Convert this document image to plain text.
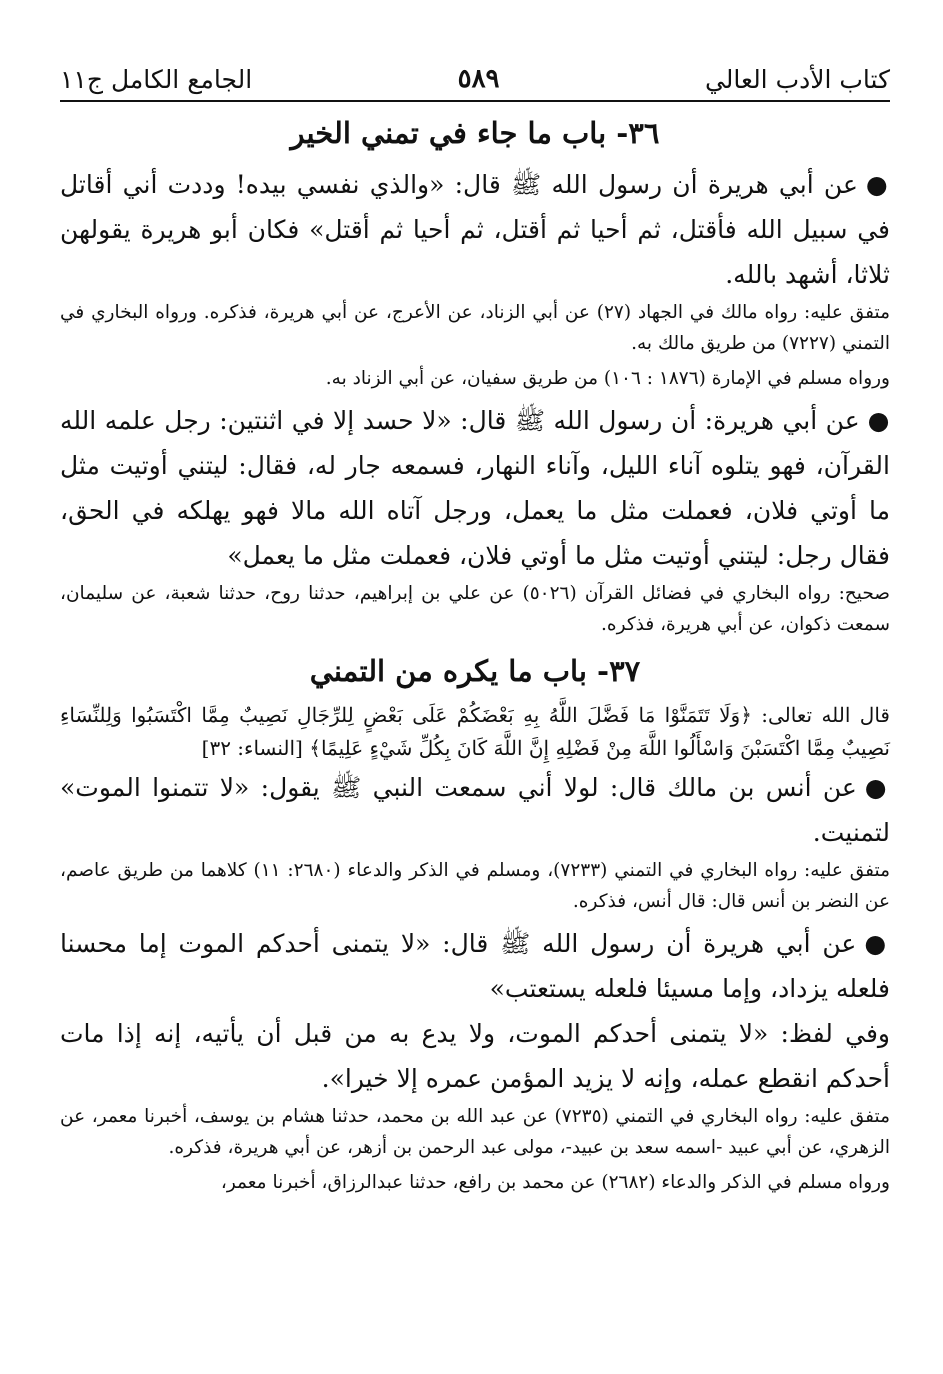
كتاب الأدب العالي
٥٨٩
الجامع الكامل ج١١
٣٦- باب ما جاء في تمني الخير

●عن أبي هريرة أن رسول الله ﷺ قال: «والذي نفسي بيده! وددت أني أقاتل في سبيل الله فأقتل، ثم أحيا ثم أقتل، ثم أحيا ثم أقتل» فكان أبو هريرة يقولهن ثلاثا، أشهد بالله.

متفق عليه: رواه مالك في الجهاد (٢٧) عن أبي الزناد، عن الأعرج، عن أبي هريرة، فذكره. ورواه البخاري في التمني (٧٢٢٧) من طريق مالك به.

ورواه مسلم في الإمارة (١٨٧٦ : ١٠٦) من طريق سفيان، عن أبي الزناد به.

●عن أبي هريرة: أن رسول الله ﷺ قال: «لا حسد إلا في اثنتين: رجل علمه الله القرآن، فهو يتلوه آناء الليل، وآناء النهار، فسمعه جار له، فقال: ليتني أوتيت مثل ما أوتي فلان، فعملت مثل ما يعمل، ورجل آتاه الله مالا فهو يهلكه في الحق، فقال رجل: ليتني أوتيت مثل ما أوتي فلان، فعملت مثل ما يعمل»

صحيح: رواه البخاري في فضائل القرآن (٥٠٢٦) عن علي بن إبراهيم، حدثنا روح، حدثنا شعبة، عن سليمان، سمعت ذكوان، عن أبي هريرة، فذكره.

٣٧- باب ما يكره من التمني

قال الله تعالى: ﴿وَلَا تَتَمَنَّوْا مَا فَضَّلَ اللَّهُ بِهِ بَعْضَكُمْ عَلَى بَعْضٍ لِلرِّجَالِ نَصِيبٌ مِمَّا اكْتَسَبُوا وَلِلنِّسَاءِ نَصِيبٌ مِمَّا اكْتَسَبْنَ وَاسْأَلُوا اللَّهَ مِنْ فَضْلِهِ إِنَّ اللَّهَ كَانَ بِكُلِّ شَيْءٍ عَلِيمًا﴾ [النساء: ٣٢]

●عن أنس بن مالك قال: لولا أني سمعت النبي ﷺ يقول: «لا تتمنوا الموت» لتمنيت.

متفق عليه: رواه البخاري في التمني (٧٢٣٣)، ومسلم في الذكر والدعاء (٢٦٨٠: ١١) كلاهما من طريق عاصم، عن النضر بن أنس قال: قال أنس، فذكره.

●عن أبي هريرة أن رسول الله ﷺ قال: «لا يتمنى أحدكم الموت إما محسنا فلعله يزداد، وإما مسيئا فلعله يستعتب»

وفي لفظ: «لا يتمنى أحدكم الموت، ولا يدع به من قبل أن يأتيه، إنه إذا مات أحدكم انقطع عمله، وإنه لا يزيد المؤمن عمره إلا خيرا».

متفق عليه: رواه البخاري في التمني (٧٢٣٥) عن عبد الله بن محمد، حدثنا هشام بن يوسف، أخبرنا معمر، عن الزهري، عن أبي عبيد -اسمه سعد بن عبيد-، مولى عبد الرحمن بن أزهر، عن أبي هريرة، فذكره.

ورواه مسلم في الذكر والدعاء (٢٦٨٢) عن محمد بن رافع، حدثنا عبدالرزاق، أخبرنا معمر،
